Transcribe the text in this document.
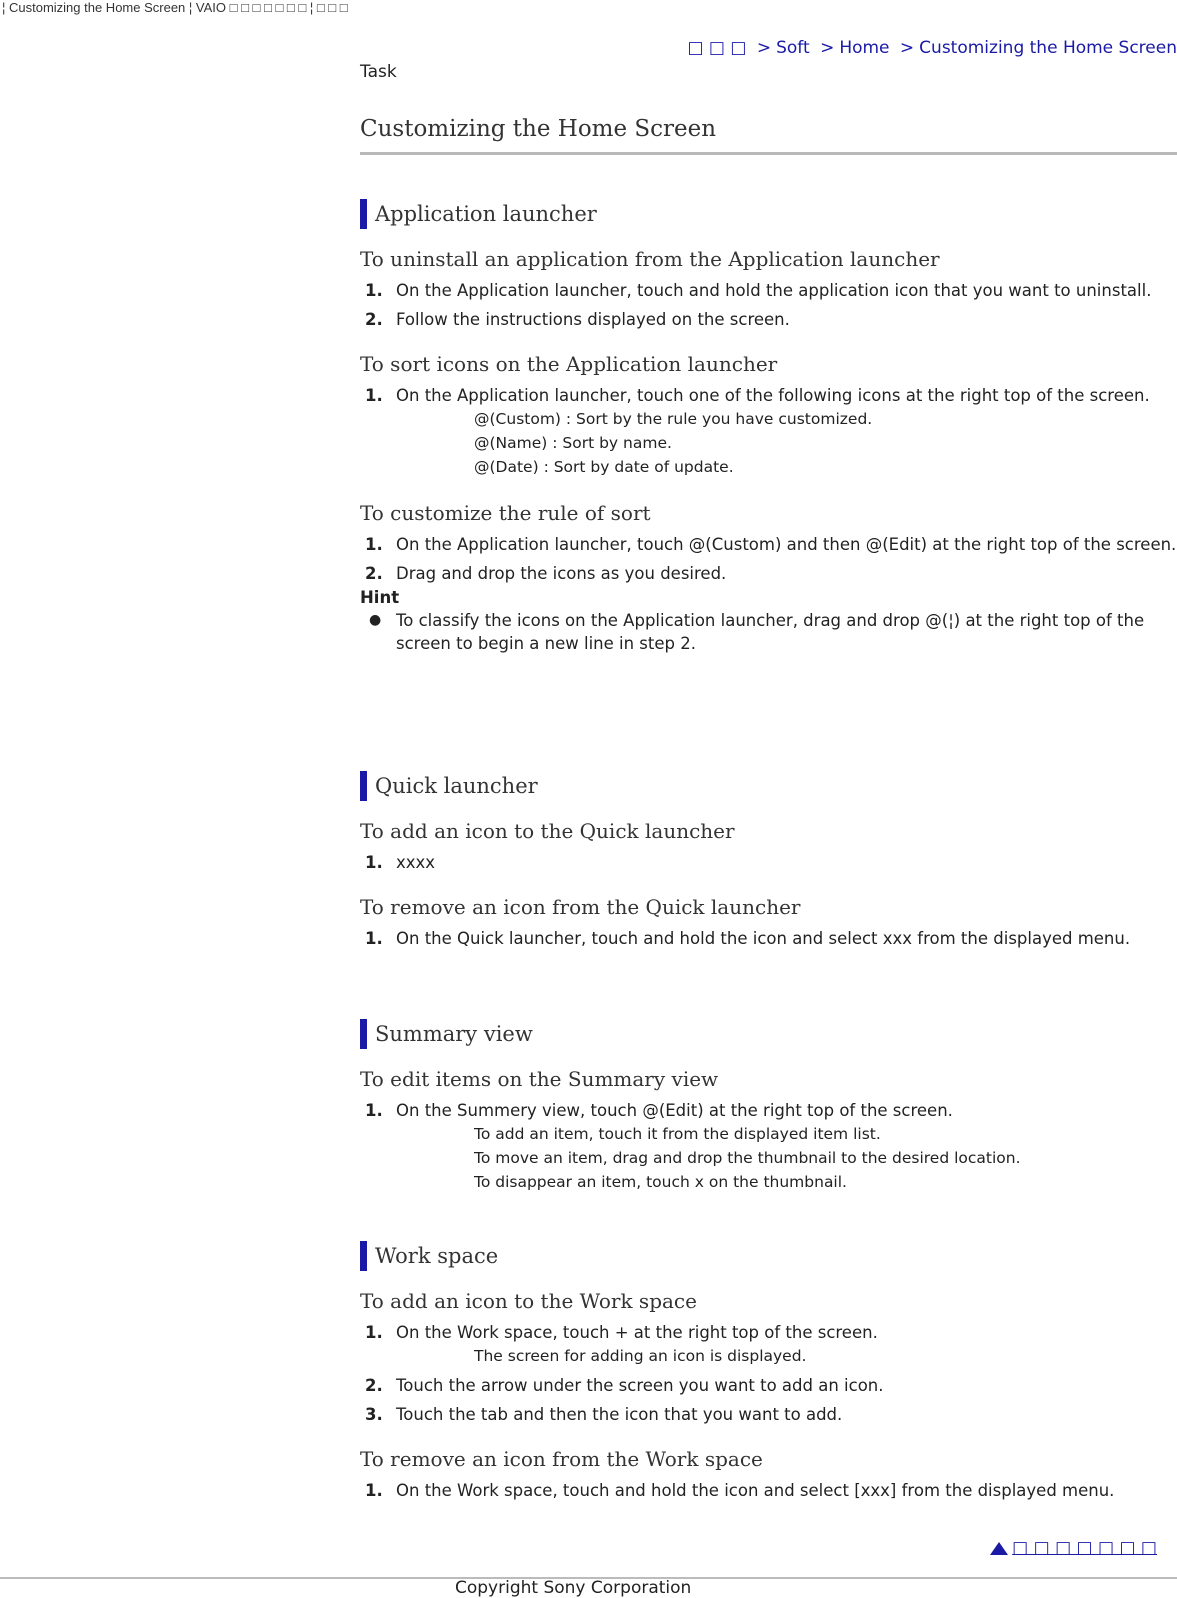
¦ Customizing the Home Screen ¦ VAIO □ □ □ □ □ □ □ ¦ □ □ □
□ □ □ > Soft > Home > Customizing the Home Screen
Task
Customizing the Home Screen
Application launcher
To uninstall an application from the Application launcher
1. On the Application launcher, touch and hold the application icon that you want to uninstall.
2. Follow the instructions displayed on the screen.
To sort icons on the Application launcher
1. On the Application launcher, touch one of the following icons at the right top of the screen.
@(Custom) : Sort by the rule you have customized.
@(Name) : Sort by name.
@(Date) : Sort by date of update.
To customize the rule of sort
1. On the Application launcher, touch @(Custom) and then @(Edit) at the right top of the screen.
2. Drag and drop the icons as you desired.
Hint
● To classify the icons on the Application launcher, drag and drop @(¦) at the right top of the screen to begin a new line in step 2.
Quick launcher
To add an icon to the Quick launcher
1. xxxx
To remove an icon from the Quick launcher
1. On the Quick launcher, touch and hold the icon and select xxx from the displayed menu.
Summary view
To edit items on the Summary view
1. On the Summery view, touch @(Edit) at the right top of the screen.
To add an item, touch it from the displayed item list.
To move an item, drag and drop the thumbnail to the desired location.
To disappear an item, touch x on the thumbnail.
Work space
To add an icon to the Work space
1. On the Work space, touch + at the right top of the screen.
The screen for adding an icon is displayed.
2. Touch the arrow under the screen you want to add an icon.
3. Touch the tab and then the icon that you want to add.
To remove an icon from the Work space
1. On the Work space, touch and hold the icon and select [xxx] from the displayed menu.
□ □ □ □ □ □ □
Copyright Sony Corporation
